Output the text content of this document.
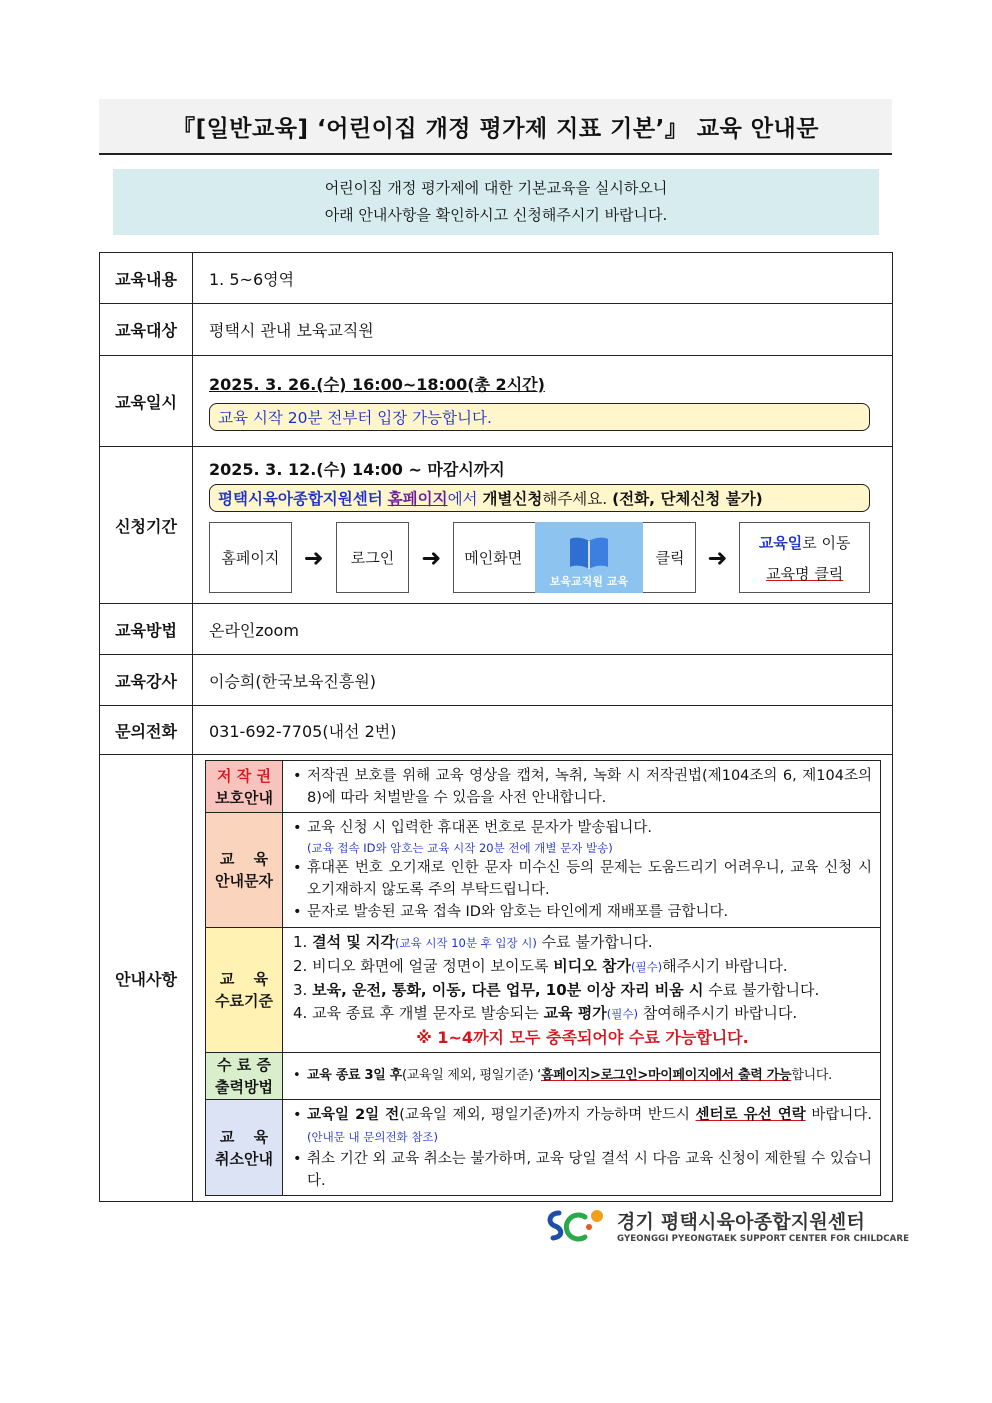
『[일반교육] ‘어린이집 개정 평가제 지표 기본’』 교육 안내문
어린이집 개정 평가제에 대한 기본교육을 실시하오니
아래 안내사항을 확인하시고 신청해주시기 바랍니다.
교육내용	1. 5~6영역
교육대상	평택시 관내 보육교직원
교육일시	
2025. 3. 26.(수) 16:00~18:00(총 2시간)
교육 시작 20분 전부터 입장 가능합니다.

신청기간	
2025. 3. 12.(수) 14:00 ~ 마감시까지
평택시육아종합지원센터 홈페이지에서 개별신청해주세요. (전화, 단체신청 불가)
홈페이지	➜	로그인	➜	메인화면
보육교직원 교육
클릭 ➜
교육일로 이동
교육명 클릭

교육방법	온라인zoom
교육강사	이승희(한국보육진흥원)
문의전화	031-692-7705(내선 2번)
안내사항	
저 작 권
보호안내

• 저작권 보호를 위해 교육 영상을 캡쳐, 녹취, 녹화 시 저작권법(제104조의 6, 제104조의 8)에 따라 처벌받을 수 있음을 사전 안내합니다.

교 육
안내문자

• 교육 신청 시 입력한 휴대폰 번호로 문자가 발송됩니다.
(교육 접속 ID와 암호는 교육 시작 20분 전에 개별 문자 발송)
• 휴대폰 번호 오기재로 인한 문자 미수신 등의 문제는 도움드리기 어려우니, 교육 신청 시 오기재하지 않도록 주의 부탁드립니다.
• 문자로 발송된 교육 접속 ID와 암호는 타인에게 재배포를 금합니다.

교 육
수료기준

1. 결석 및 지각(교육 시작 10분 후 입장 시) 수료 불가합니다.
2. 비디오 화면에 얼굴 정면이 보이도록 비디오 참가(필수)해주시기 바랍니다.
3. 보육, 운전, 통화, 이동, 다른 업무, 10분 이상 자리 비움 시 수료 불가합니다.
4. 교육 종료 후 개별 문자로 발송되는 교육 평가(필수) 참여해주시기 바랍니다.
※ 1~4까지 모두 충족되어야 수료 가능합니다.

수 료 증
출력방법

• 교육 종료 3일 후(교육일 제외, 평일기준) ‘홈페이지>로그인>마이페이지에서 출력 가능합니다.

교 육
취소안내

• 교육일 2일 전(교육일 제외, 평일기준)까지 가능하며 반드시 센터로 유선 연락 바랍니다. (안내문 내 문의전화 참조)
• 취소 기간 외 교육 취소는 불가하며, 교육 당일 결석 시 다음 교육 신청이 제한될 수 있습니다.
경기 평택시육아종합지원센터
GYEONGGI PYEONGTAEK SUPPORT CENTER FOR CHILDCARE
